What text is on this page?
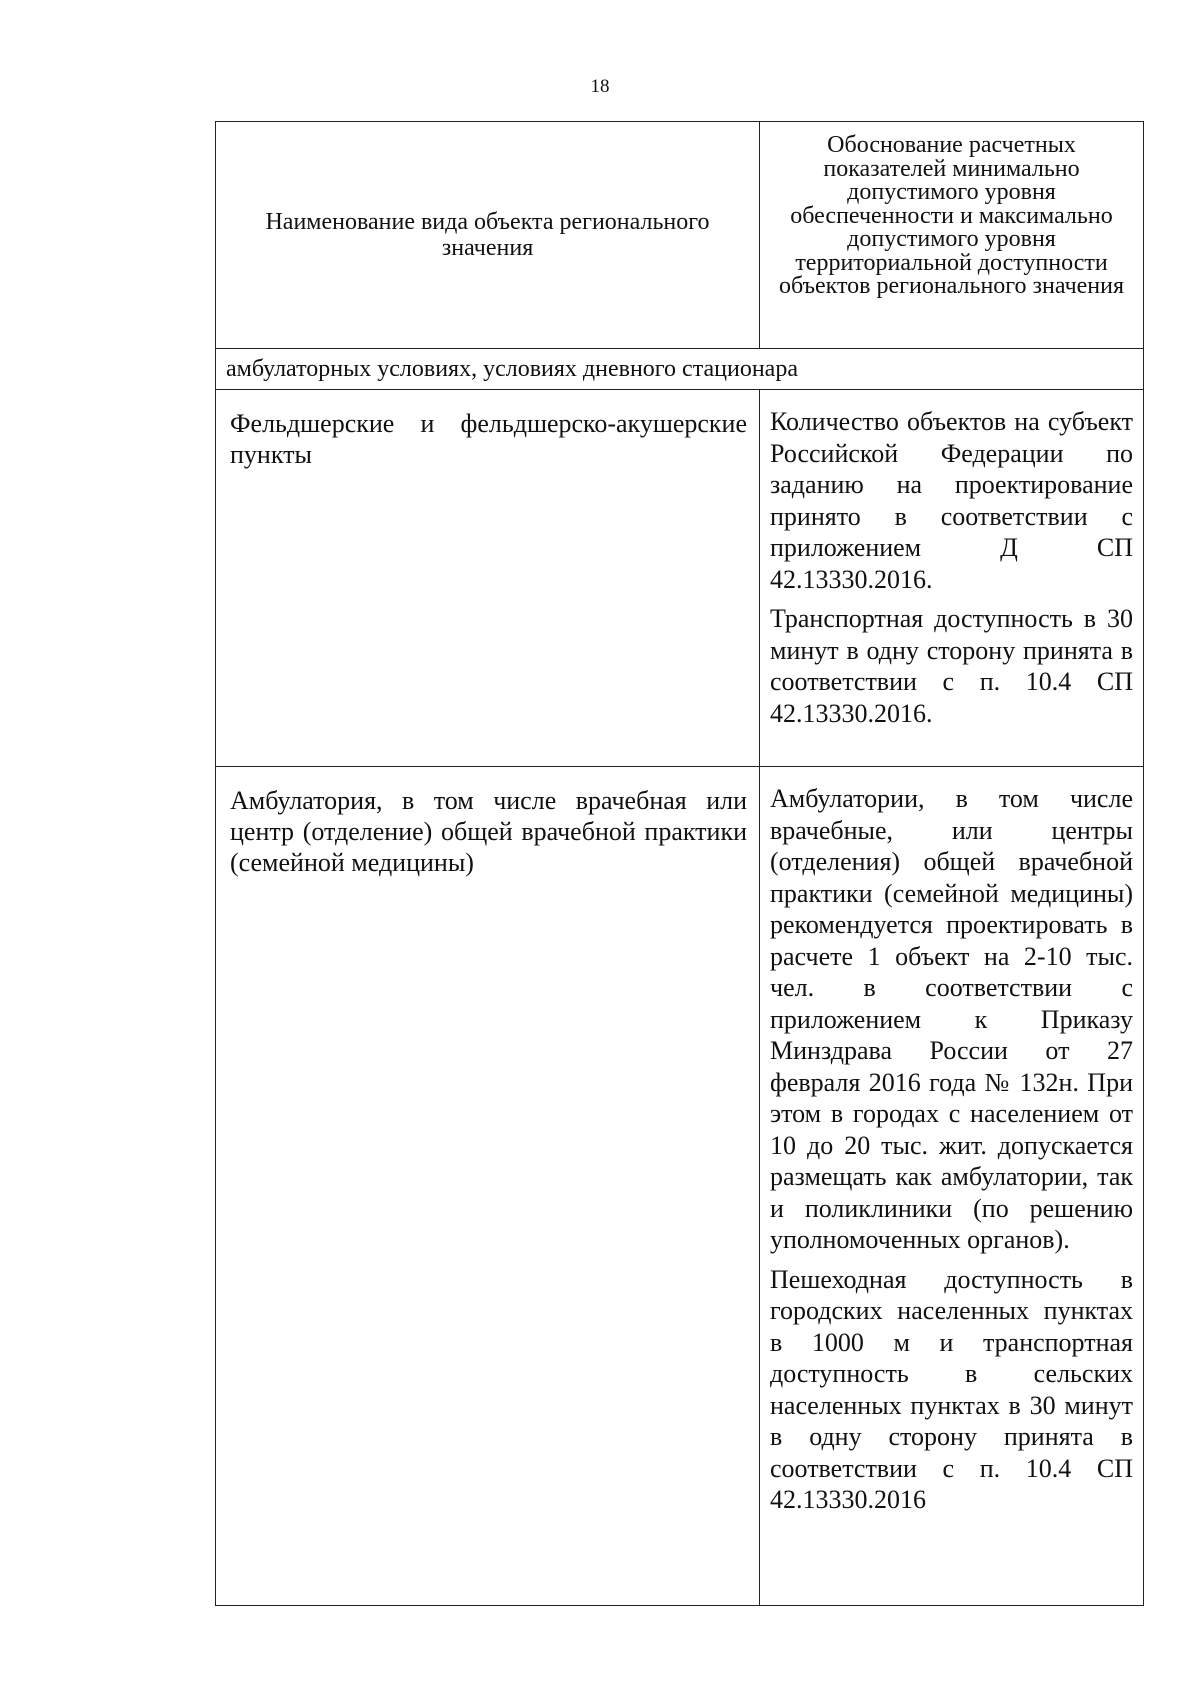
18
Наименование вида объекта регионального значения	Обоснование расчетных показателей минимально допустимого уровня обеспеченности и максимально допустимого уровня территориальной доступности объектов регионального значения
амбулаторных условиях, условиях дневного стационара	
Фельдшерские и фельдшерско-акушерские пункты	Количество объектов на субъект Российской Федерации по заданию на проектирование принято в соответствии с приложением Д СП 42.13330.2016.

Транспортная доступность в 30 минут в одну сторону принята в соответствии с п. 10.4 СП 42.13330.2016.

Амбулатория, в том числе врачебная или центр (отделение) общей врачебной практики (семейной медицины)	Амбулатории, в том числе врачебные, или центры (отделения) общей врачебной практики (семейной медицины) рекомендуется проектировать в расчете 1 объект на 2-10 тыс. чел. в соответствии с приложением к Приказу Минздрава России от 27 февраля 2016 года № 132н. При этом в городах с населением от 10 до 20 тыс. жит. допускается размещать как амбулатории, так и поликлиники (по решению уполномоченных органов).

Пешеходная доступность в городских населенных пунктах в 1000 м и транспортная доступность в сельских населенных пунктах в 30 минут в одну сторону принята в соответствии с п. 10.4 СП 42.13330.2016
